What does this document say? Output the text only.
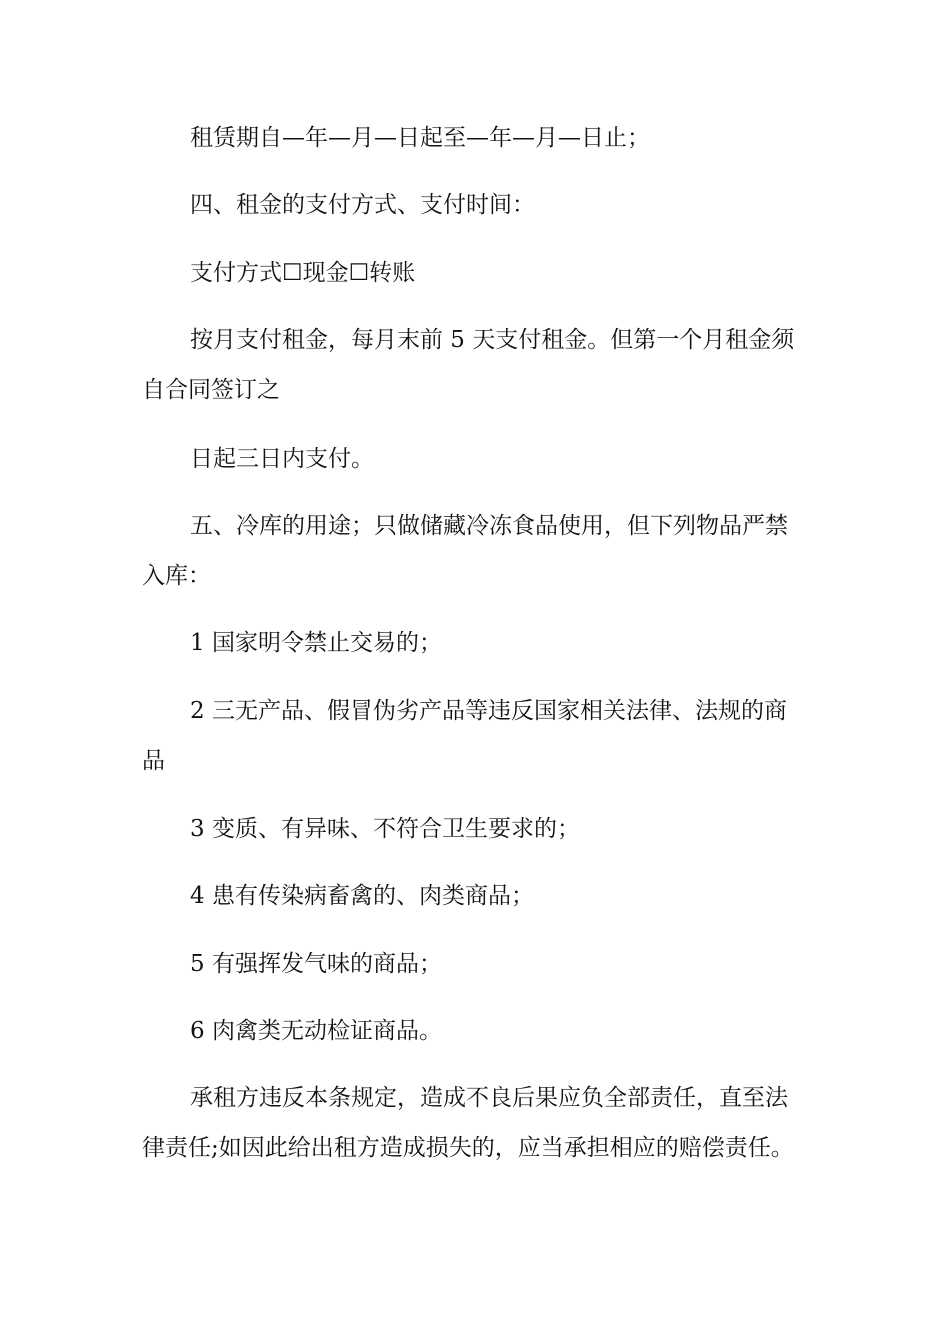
租赁期自—年—月—日起至—年—月—日止；

四、租金的支付方式、支付时间：

支付方式☐现金☐转账

按月支付租金，每月末前 5 天支付租金。但第一个月租金须自合同签订之

日起三日内支付。

五、冷库的用途；只做储藏冷冻食品使用，但下列物品严禁入库：

1 国家明令禁止交易的；

2 三无产品、假冒伪劣产品等违反国家相关法律、法规的商品

3 变质、有异味、不符合卫生要求的；

4 患有传染病畜禽的、肉类商品；

5 有强挥发气味的商品；

6 肉禽类无动检证商品。

承租方违反本条规定，造成不良后果应负全部责任，直至法律责任;如因此给出租方造成损失的，应当承担相应的赔偿责任。
